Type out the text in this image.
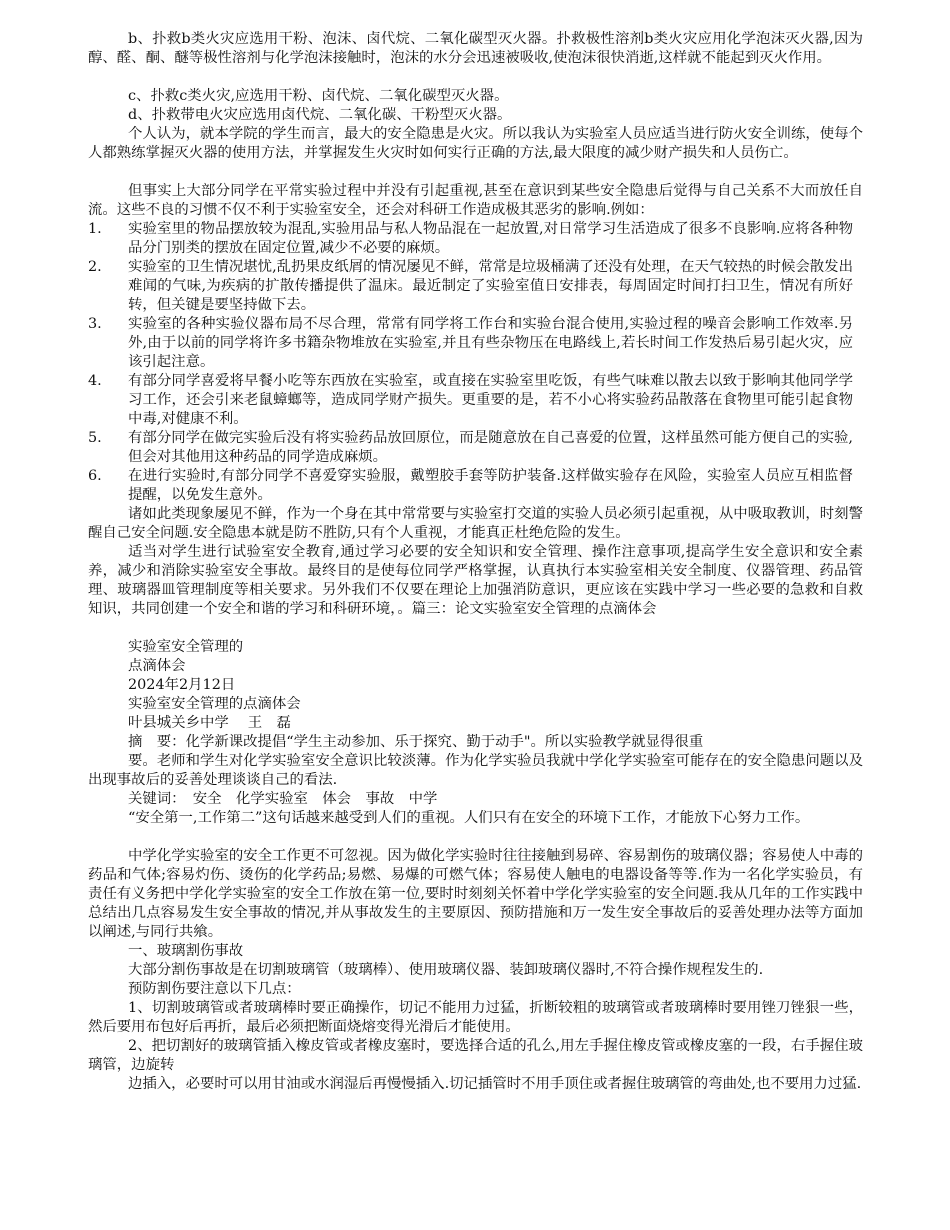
b、扑救b类火灾应选用干粉、泡沫、卤代烷、二氧化碳型灭火器。扑救极性溶剂b类火灾应用化学泡沫灭火器,因为醇、醛、酮、醚等极性溶剂与化学泡沫接触时，泡沫的水分会迅速被吸收,使泡沫很快消逝,这样就不能起到灭火作用。

c、扑救c类火灾,应选用干粉、卤代烷、二氧化碳型灭火器。

d、扑救带电火灾应选用卤代烷、二氧化碳、干粉型灭火器。

个人认为，就本学院的学生而言，最大的安全隐患是火灾。所以我认为实验室人员应适当进行防火安全训练，使每个人都熟练掌握灭火器的使用方法，并掌握发生火灾时如何实行正确的方法,最大限度的减少财产损失和人员伤亡。

但事实上大部分同学在平常实验过程中并没有引起重视,甚至在意识到某些安全隐患后觉得与自己关系不大而放任自流。这些不良的习惯不仅不利于实验室安全，还会对科研工作造成极其恶劣的影响.例如：

1.	实验室里的物品摆放较为混乱,实验用品与私人物品混在一起放置,对日常学习生活造成了很多不良影响.应将各种物品分门别类的摆放在固定位置,减少不必要的麻烦。
2.	实验室的卫生情况堪忧,乱扔果皮纸屑的情况屡见不鲜，常常是垃圾桶满了还没有处理，在天气较热的时候会散发出难闻的气味,为疾病的扩散传播提供了温床。最近制定了实验室值日安排表，每周固定时间打扫卫生，情况有所好转，但关键是要坚持做下去。
3.	实验室的各种实验仪器布局不尽合理，常常有同学将工作台和实验台混合使用,实验过程的噪音会影响工作效率.另外,由于以前的同学将许多书籍杂物堆放在实验室,并且有些杂物压在电路线上,若长时间工作发热后易引起火灾，应该引起注意。
4.	有部分同学喜爱将早餐小吃等东西放在实验室，或直接在实验室里吃饭，有些气味难以散去以致于影响其他同学学习工作，还会引来老鼠蟑螂等，造成同学财产损失。更重要的是，若不小心将实验药品散落在食物里可能引起食物中毒,对健康不利。
5.	有部分同学在做完实验后没有将实验药品放回原位，而是随意放在自己喜爱的位置，这样虽然可能方便自己的实验,但会对其他用这种药品的同学造成麻烦。
6.	在进行实验时,有部分同学不喜爱穿实验服，戴塑胶手套等防护装备.这样做实验存在风险，实验室人员应互相监督提醒，以免发生意外。

诸如此类现象屡见不鲜，作为一个身在其中常常要与实验室打交道的实验人员必须引起重视，从中吸取教训，时刻警醒自己安全问题.安全隐患本就是防不胜防,只有个人重视，才能真正杜绝危险的发生。

适当对学生进行试验室安全教育,通过学习必要的安全知识和安全管理、操作注意事项,提高学生安全意识和安全素养，减少和消除实验室安全事故。最终目的是使每位同学严格掌握，认真执行本实验室相关安全制度、仪器管理、药品管理、玻璃器皿管理制度等相关要求。另外我们不仅要在理论上加强消防意识，更应该在实践中学习一些必要的急救和自救知识，共同创建一个安全和谐的学习和科研环境，。篇三：论文实验室安全管理的点滴体会

实验室安全管理的

点滴体会

2024年2月12日

实验室安全管理的点滴体会

叶县城关乡中学　 王　磊

摘　要：化学新课改提倡“学生主动参加、乐于探究、勤于动手"。所以实验教学就显得很重

要。老师和学生对化学实验室安全意识比较淡薄。作为化学实验员我就中学化学实验室可能存在的安全隐患问题以及出现事故后的妥善处理谈谈自己的看法.

关键词：　安全　化学实验室　体会　事故　中学

“安全第一,工作第二”这句话越来越受到人们的重视。人们只有在安全的环境下工作，才能放下心努力工作。

中学化学实验室的安全工作更不可忽视。因为做化学实验时往往接触到易碎、容易割伤的玻璃仪器；容易使人中毒的药品和气体;容易灼伤、烫伤的化学药品;易燃、易爆的可燃气体；容易使人触电的电器设备等等.作为一名化学实验员，有责任有义务把中学化学实验室的安全工作放在第一位,要时时刻刻关怀着中学化学实验室的安全问题.我从几年的工作实践中总结出几点容易发生安全事故的情况,并从事故发生的主要原因、预防措施和万一发生安全事故后的妥善处理办法等方面加以阐述,与同行共飨。

一、玻璃割伤事故

大部分割伤事故是在切割玻璃管（玻璃棒）、使用玻璃仪器、装卸玻璃仪器时,不符合操作规程发生的.

预防割伤要注意以下几点：

1、切割玻璃管或者玻璃棒时要正确操作，切记不能用力过猛，折断较粗的玻璃管或者玻璃棒时要用锉刀锉狠一些，然后要用布包好后再折，最后必须把断面烧熔变得光滑后才能使用。

2、把切割好的玻璃管插入橡皮管或者橡皮塞时，要选择合适的孔么,用左手握住橡皮管或橡皮塞的一段，右手握住玻璃管，边旋转

边插入，必要时可以用甘油或水润湿后再慢慢插入.切记插管时不用手顶住或者握住玻璃管的弯曲处,也不要用力过猛.
